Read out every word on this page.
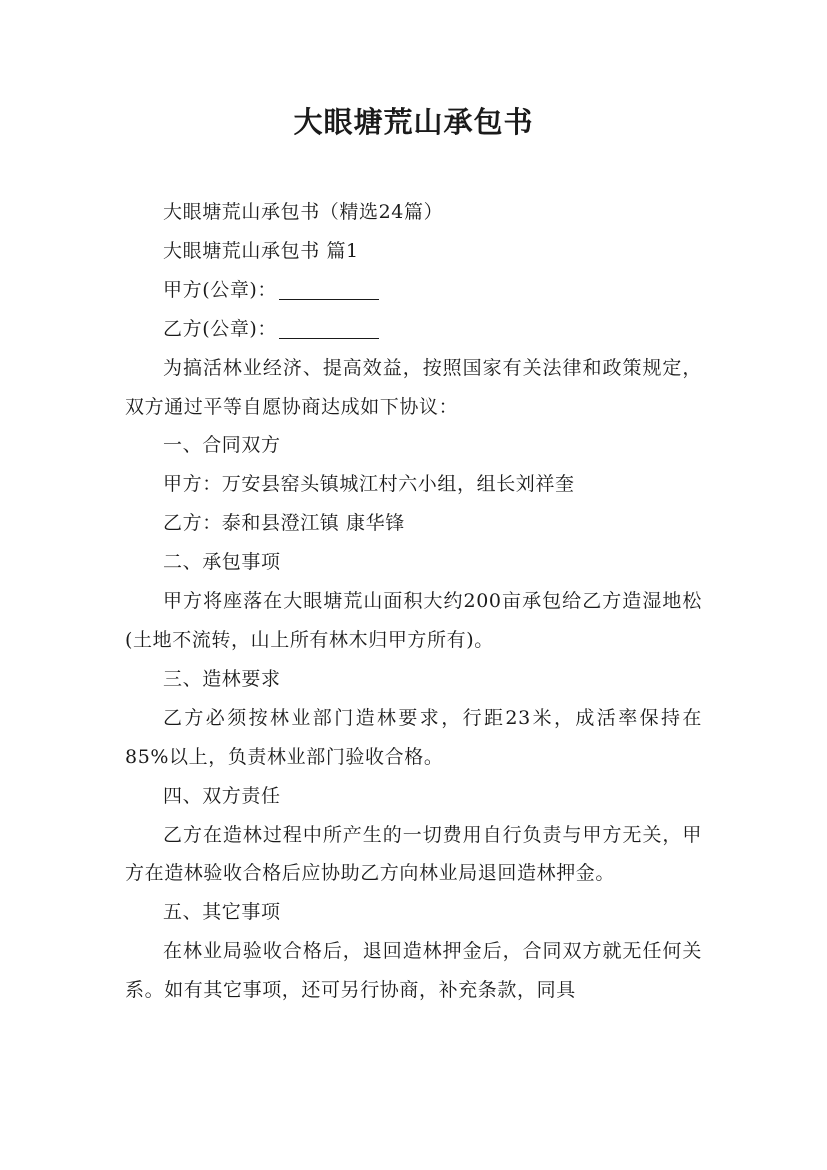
大眼塘荒山承包书

大眼塘荒山承包书（精选24篇）

大眼塘荒山承包书 篇1

甲方(公章)：

乙方(公章)：

为搞活林业经济、提高效益，按照国家有关法律和政策规定，双方通过平等自愿协商达成如下协议：

一、合同双方

甲方：万安县窑头镇城江村六小组，组长刘祥奎

乙方：泰和县澄江镇 康华锋

二、承包事项

甲方将座落在大眼塘荒山面积大约200亩承包给乙方造湿地松(土地不流转，山上所有林木归甲方所有)。

三、造林要求

乙方必须按林业部门造林要求，行距23米，成活率保持在85%以上，负责林业部门验收合格。

四、双方责任

乙方在造林过程中所产生的一切费用自行负责与甲方无关，甲方在造林验收合格后应协助乙方向林业局退回造林押金。

五、其它事项

在林业局验收合格后，退回造林押金后，合同双方就无任何关系。如有其它事项，还可另行协商，补充条款，同具
